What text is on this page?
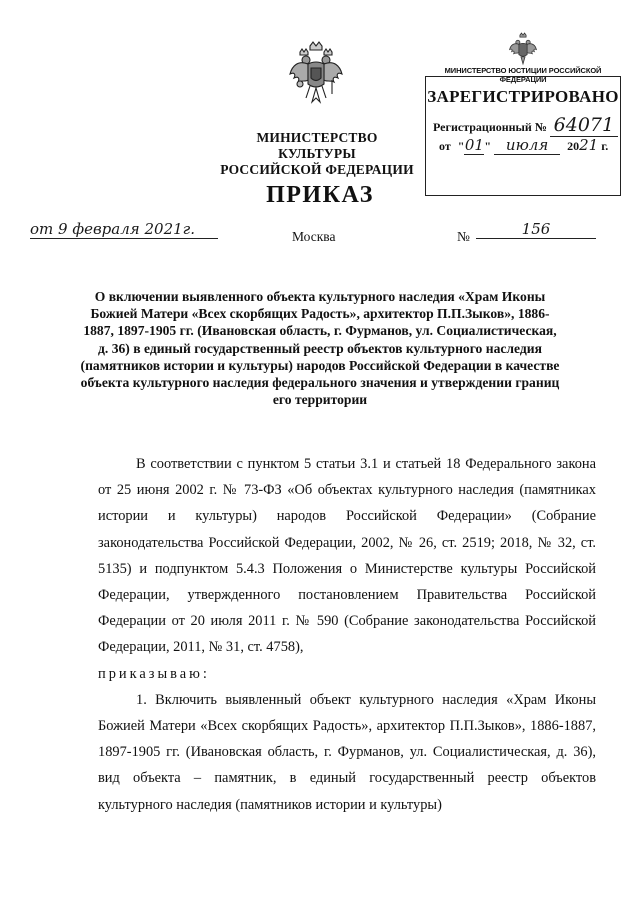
МИНИСТЕРСТВО КУЛЬТУРЫ
РОССИЙСКОЙ ФЕДЕРАЦИИ
МИНИСТЕРСТВО ЮСТИЦИИ РОССИЙСКОЙ ФЕДЕРАЦИИ
ЗАРЕГИСТРИРОВАНО
Регистрационный № 64071
от "01" июля 2021 г.
ПРИКАЗ
от 9 февраля 2021г.	Москва	№	156
О включении выявленного объекта культурного наследия «Храм Иконы Божией Матери «Всех скорбящих Радость», архитектор П.П.Зыков», 1886-1887, 1897-1905 гг. (Ивановская область, г. Фурманов, ул. Социалистическая, д. 36) в единый государственный реестр объектов культурного наследия (памятников истории и культуры) народов Российской Федерации в качестве объекта культурного наследия федерального значения и утверждении границ его территории

В соответствии с пунктом 5 статьи 3.1 и статьей 18 Федерального закона от 25 июня 2002 г. № 73-ФЗ «Об объектах культурного наследия (памятниках истории и культуры) народов Российской Федерации» (Собрание законодательства Российской Федерации, 2002, № 26, ст. 2519; 2018, № 32, ст. 5135) и подпунктом 5.4.3 Положения о Министерстве культуры Российской Федерации, утвержденного постановлением Правительства Российской Федерации от 20 июля 2011 г. № 590 (Собрание законодательства Российской Федерации, 2011, № 31, ст. 4758),

приказываю:

1. Включить выявленный объект культурного наследия «Храм Иконы Божией Матери «Всех скорбящих Радость», архитектор П.П.Зыков», 1886-1887, 1897-1905 гг. (Ивановская область, г. Фурманов, ул. Социалистическая, д. 36), вид объекта – памятник, в единый государственный реестр объектов культурного наследия (памятников истории и культуры)
